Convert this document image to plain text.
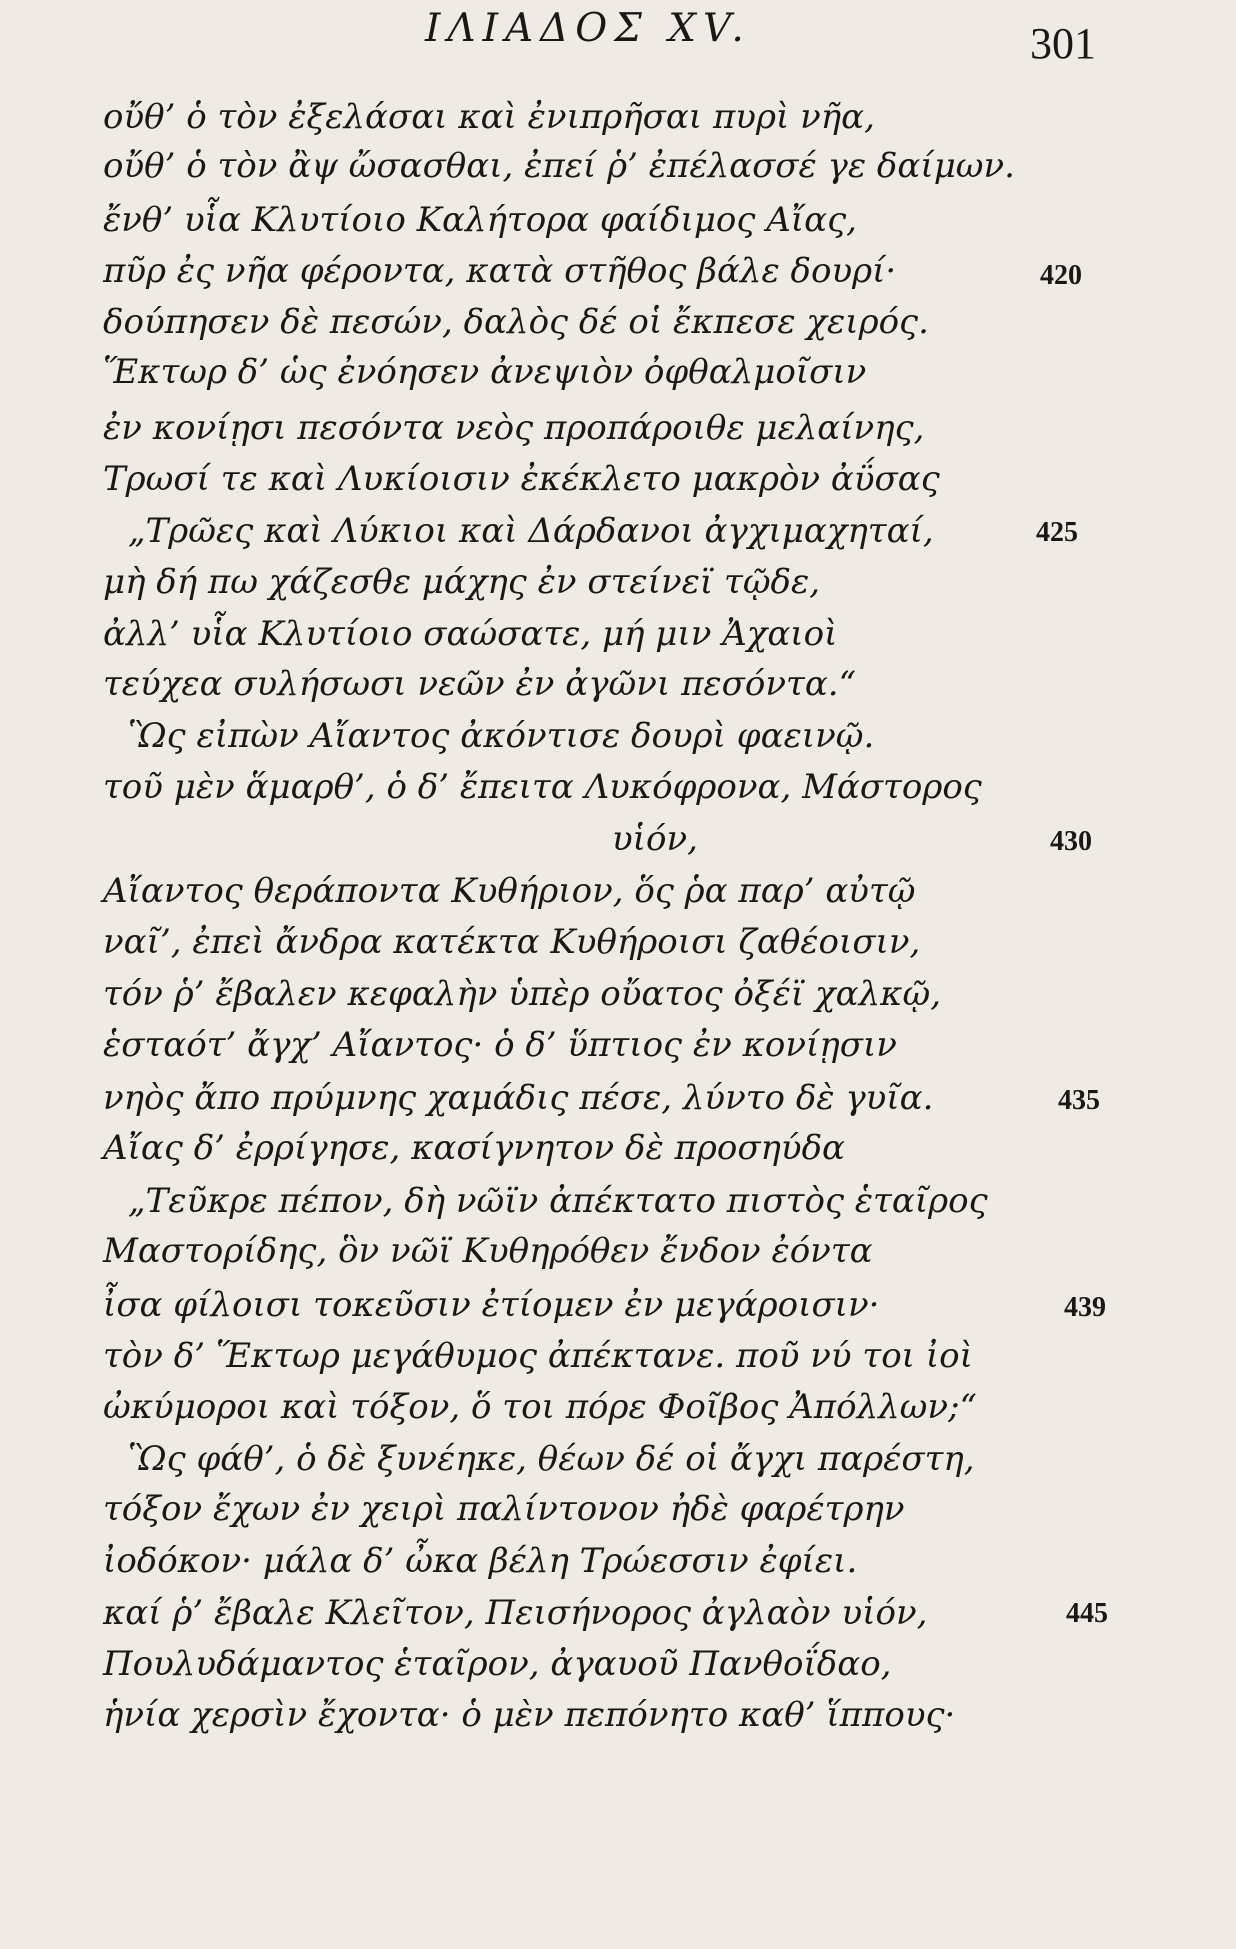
ΙΛΙΑΔΟΣ XV.	301
οὔθ’ ὁ τὸν ἐξελάσαι καὶ ἐνιπρῆσαι πυρὶ νῆα,
οὔθ’ ὁ τὸν ἂψ ὤσασθαι, ἐπεί ῥ’ ἐπέλασσέ γε δαίμων.
ἔνθ’ υἷα Κλυτίοιο Καλήτορα φαίδιμος Αἴας,
πῦρ ἐς νῆα φέροντα, κατὰ στῆθος βάλε δουρί·
δούπησεν δὲ πεσών, δαλὸς δέ οἱ ἔκπεσε χειρός.
Ἕκτωρ δ’ ὡς ἐνόησεν ἀνεψιὸν ὀφθαλμοῖσιν
ἐν κονίῃσι πεσόντα νεὸς προπάροιθε μελαίνης,
Τρωσί τε καὶ Λυκίοισιν ἐκέκλετο μακρὸν ἀΰσας
„Τρῶες καὶ Λύκιοι καὶ Δάρδανοι ἀγχιμαχηταί,
μὴ δή πω χάζεσθε μάχης ἐν στείνεϊ τῷδε,
ἀλλ’ υἷα Κλυτίοιο σαώσατε, μή μιν Ἀχαιοὶ
τεύχεα συλήσωσι νεῶν ἐν ἀγῶνι πεσόντα.“
Ὣς εἰπὼν Αἴαντος ἀκόντισε δουρὶ φαεινῷ.
τοῦ μὲν ἅμαρθ’, ὁ δ’ ἔπειτα Λυκόφρονα, Μάστορος
υἱόν,
Αἴαντος θεράποντα Κυθήριον, ὅς ῥα παρ’ αὐτῷ
ναῖ’, ἐπεὶ ἄνδρα κατέκτα Κυθήροισι ζαθέοισιν,
τόν ῥ’ ἔβαλεν κεφαλὴν ὑπὲρ οὔατος ὀξέϊ χαλκῷ,
ἑσταότ’ ἄγχ’ Αἴαντος· ὁ δ’ ὕπτιος ἐν κονίῃσιν
νηὸς ἄπο πρύμνης χαμάδις πέσε, λύντο δὲ γυῖα.
Αἴας δ’ ἐρρίγησε, κασίγνητον δὲ προσηύδα
„Τεῦκρε πέπον, δὴ νῶϊν ἀπέκτατο πιστὸς ἑταῖρος
Μαστορίδης, ὃν νῶϊ Κυθηρόθεν ἔνδον ἐόντα
ἶσα φίλοισι τοκεῦσιν ἐτίομεν ἐν μεγάροισιν·
τὸν δ’ Ἕκτωρ μεγάθυμος ἀπέκτανε. ποῦ νύ τοι ἰοὶ
ὠκύμοροι καὶ τόξον, ὅ τοι πόρε Φοῖβος Ἀπόλλων;“
Ὣς φάθ’, ὁ δὲ ξυνέηκε, θέων δέ οἱ ἄγχι παρέστη,
τόξον ἔχων ἐν χειρὶ παλίντονον ἠδὲ φαρέτρην
ἰοδόκον· μάλα δ’ ὦκα βέλη Τρώεσσιν ἐφίει.
καί ῥ’ ἔβαλε Κλεῖτον, Πεισήνορος ἀγλαὸν υἱόν,
Πουλυδάμαντος ἑταῖρον, ἀγαυοῦ Πανθοΐδαο,
ἡνία χερσὶν ἔχοντα· ὁ μὲν πεπόνητο καθ’ ἵππους·
420
425
430
435
439
445
